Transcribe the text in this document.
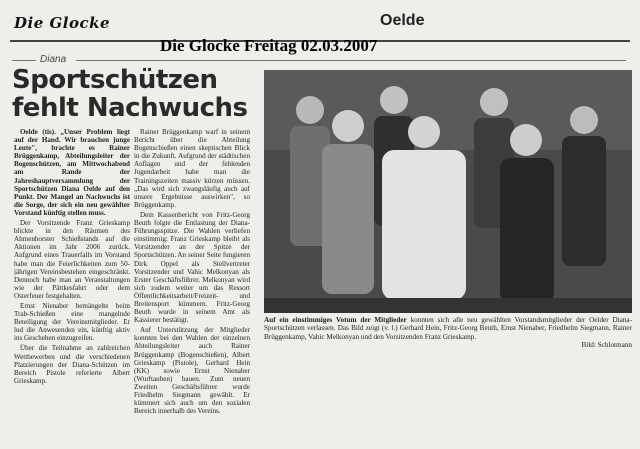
Die Glocke	Oelde
Die Glocke Freitag 02.03.2007
Diana
Sportschützen fehlt Nachwuchs

Oelde (tis). „Unser Problem liegt auf der Hand. Wir brauchen junge Leute", brachte es Rainer Brüggenkamp, Abteilungsleiter der Bogenschützen, am Mittwochabend am Rande der Jahreshauptversammlung der Sportschützen Diana Oelde auf den Punkt. Der Mangel an Nachwuchs ist die Sorge, der sich ein neu gewählter Vorstand künftig stellen muss.

Der Vorsitzende Franz Grieskamp blickte in den Räumen des Ahmenhorster Schießstands auf die Aktionen im Jahr 2006 zurück. Aufgrund eines Trauerfalls im Vorstand habe man die Feierlichkeiten zum 50-jährigen Vereinsbestehen eingeschränkt. Dennoch habe man an Veranstaltungen wie der Pättkesfahrt oder dem Osterfeuer festgehalten.

Ernst Nienaber bemängelte beim Trab-Schießen eine mangelnde Beteiligung der Vereinsmitglieder. Er lud die Anwesenden ein, künftig aktiv ins Geschehen einzugreifen.

Über die Teilnahme an zahlreichen Wettbewerben und die verschiedenen Platzierungen der Diana-Schützen im Bereich Pistole referierte Albert Grieskamp.

Rainer Brüggenkamp warf in seinem Bericht über die Abteilung Bogenschießen einen skeptischen Blick in die Zukunft. Aufgrund der städtischen Auflagen und der fehlenden Jugendarbeit habe man die Trainingszeiten massiv kürzen müssen. „Das wird sich zwangsläufig auch auf unsere Ergebnisse auswirken", so Brüggenkamp.

Dem Kassenbericht von Fritz-Georg Beuth folgte die Entlastung der Diana-Führungsspitze. Die Wahlen verliefen einstimmig: Franz Grieskamp bleibt als Vorsitzender an der Spitze der Sportschützen. An seiner Seite fungieren Dirk Oppel als Stellvertreter Vorsitzender und Vahic Melkonyan als Erster Geschäftsführer. Melkonyan wird sich zudem weiter um das Ressort Öffentlichkeitsarbeit/Freizeit- und Breitensport kümmern. Fritz-Georg Beuth wurde in seinem Amt als Kassierer bestätigt.

Auf Unterstützung der Mitglieder konnten bei den Wahlen der einzelnen Abteilungsleiter auch Rainer Brüggenkamp (Bogenschießen), Albert Grieskamp (Pistole), Gerhard Hein (KK) sowie Ernst Nienaber (Wurftauben) bauen. Zum neuen Zweiten Geschäftsführer wurde Friedhelm Siegmann gewählt. Er kümmert sich auch um den sozialen Bereich innerhalb des Vereins.

Auf ein einstimmiges Votum der Mitglieder konnten sich alle neu gewählten Vorstandsmitglieder der Oelder Diana-Sportschützen verlassen. Das Bild zeigt (v. l.) Gerhard Hein, Fritz-Georg Beuth, Ernst Nienaber, Friedhelm Siegmann, Rainer Brüggenkamp, Vahic Melkonyan und den Vorsitzenden Franz Grieskamp.
Bild: Schlotmann
